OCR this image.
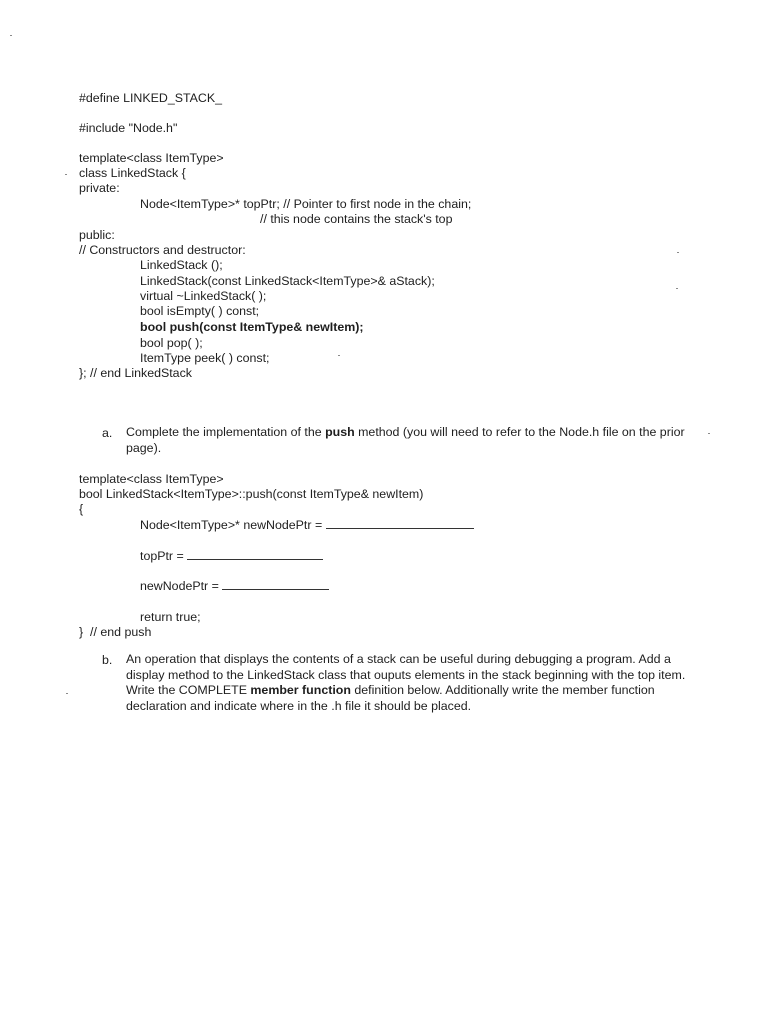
#define LINKED_STACK_
#include "Node.h"
template<class ItemType>
class LinkedStack {
private:
Node<ItemType>* topPtr; // Pointer to first node in the chain;
// this node contains the stack's top
public:
// Constructors and destructor:
LinkedStack ();
LinkedStack(const LinkedStack<ItemType>& aStack);
virtual ~LinkedStack( );
bool isEmpty( ) const;
bool push(const ItemType& newItem);
bool pop( );
ItemType peek( ) const;
}; // end LinkedStack
a. Complete the implementation of the push method (you will need to refer to the Node.h file on the prior page).
template<class ItemType>
bool LinkedStack<ItemType>::push(const ItemType& newItem)
{
Node<ItemType>* newNodePtr =
topPtr =
newNodePtr =
return true;
}  // end push
b. An operation that displays the contents of a stack can be useful during debugging a program. Add a display method to the LinkedStack class that ouputs elements in the stack beginning with the top item. Write the COMPLETE member function definition below. Additionally write the member function declaration and indicate where in the .h file it should be placed.
